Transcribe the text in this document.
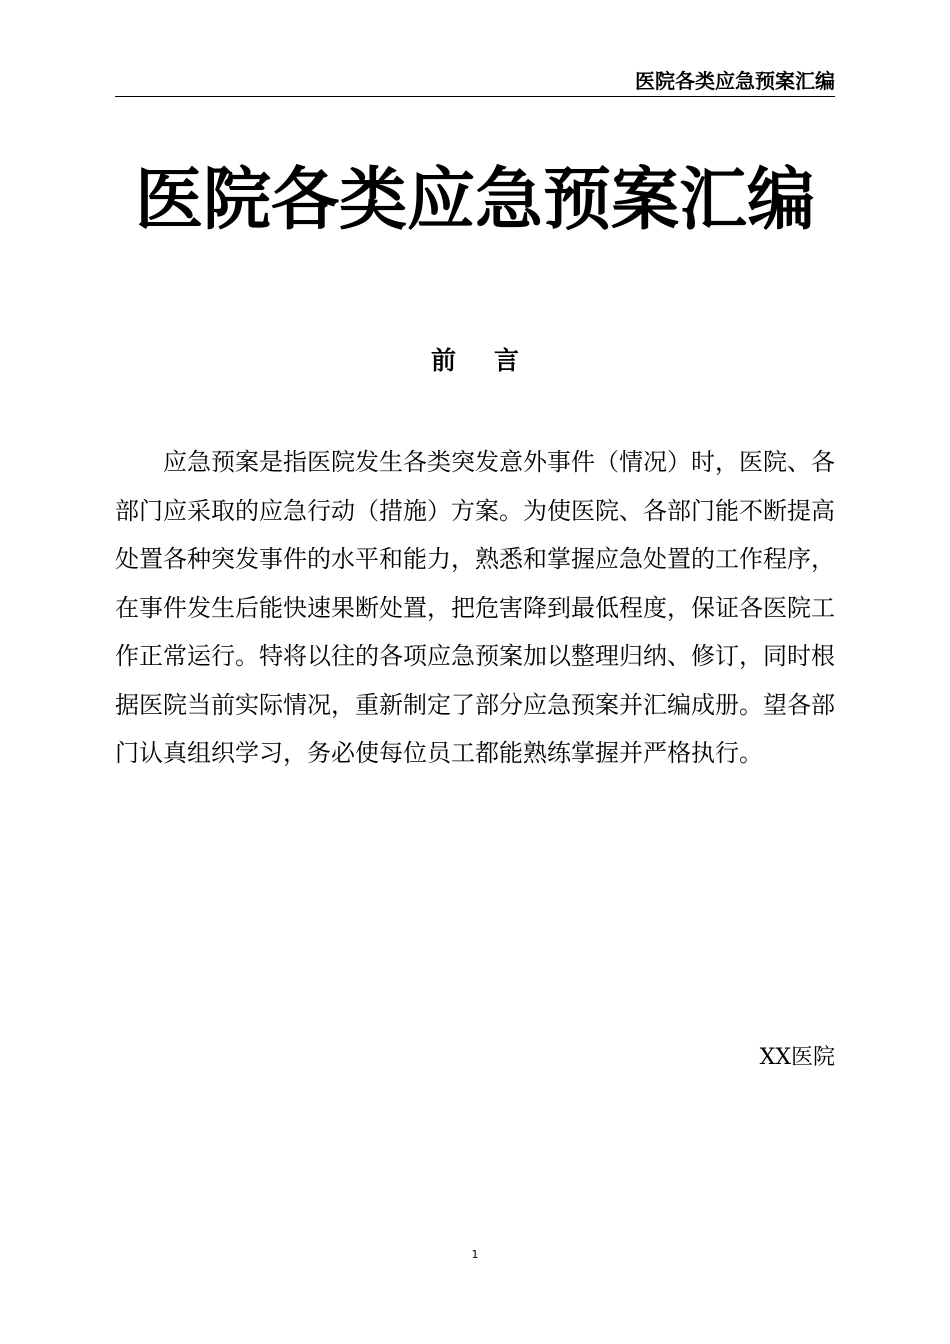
医院各类应急预案汇编
医院各类应急预案汇编
前言

应急预案是指医院发生各类突发意外事件（情况）时，医院、各部门应采取的应急行动（措施）方案。为使医院、各部门能不断提高处置各种突发事件的水平和能力，熟悉和掌握应急处置的工作程序，在事件发生后能快速果断处置，把危害降到最低程度，保证各医院工作正常运行。特将以往的各项应急预案加以整理归纳、修订，同时根据医院当前实际情况，重新制定了部分应急预案并汇编成册。望各部门认真组织学习，务必使每位员工都能熟练掌握并严格执行。

XX医院
1
